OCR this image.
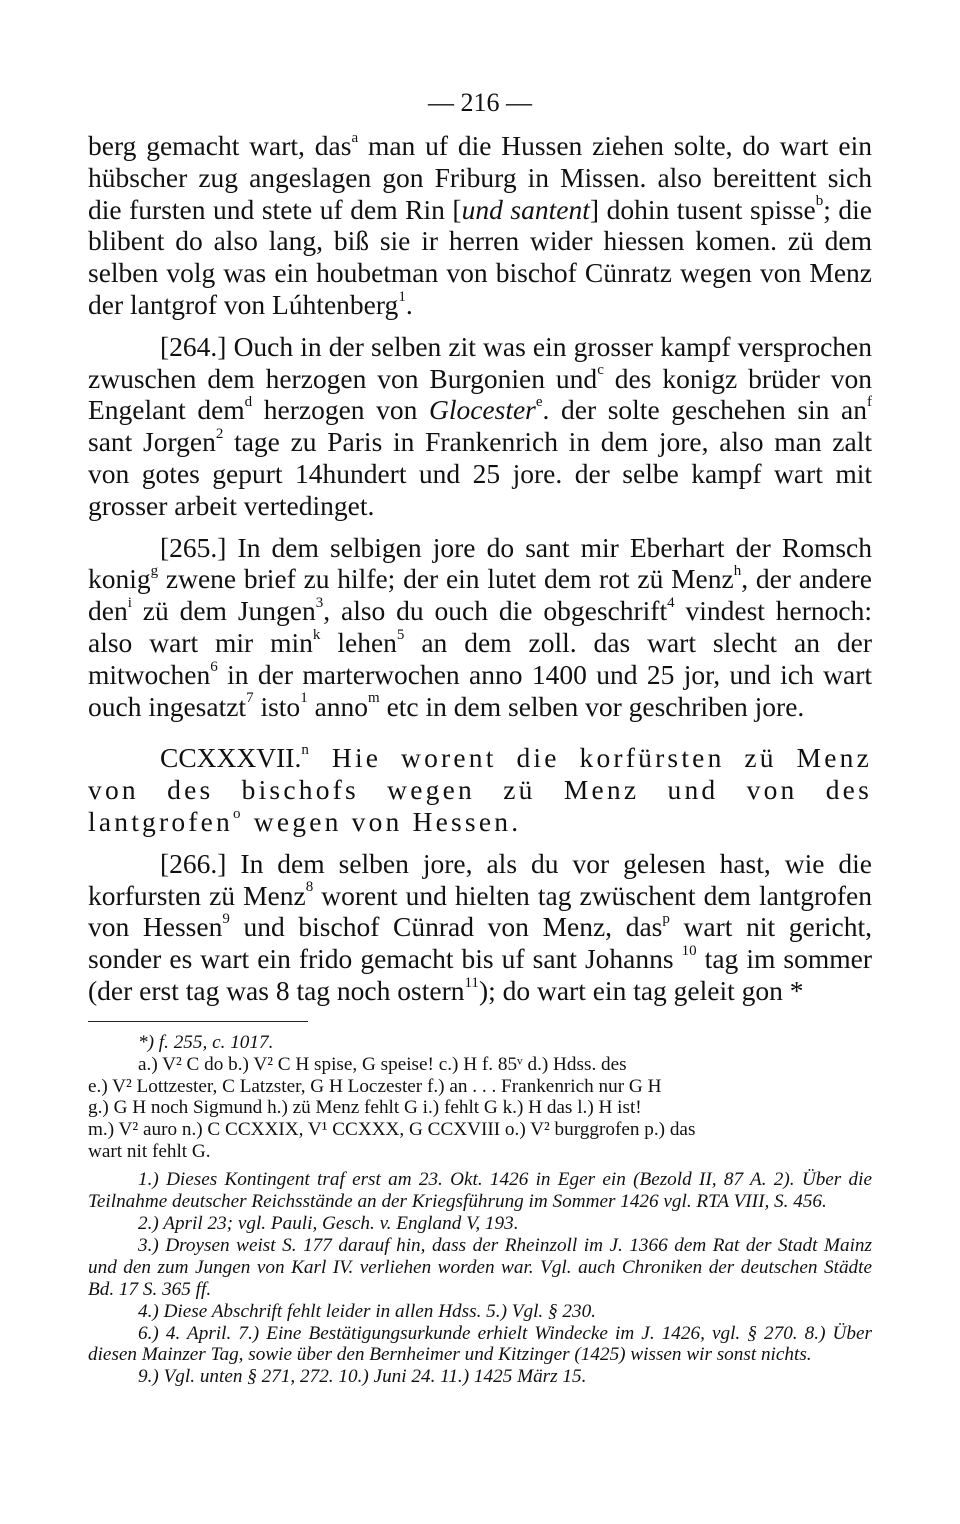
— 216 —

berg gemacht wart, das$^a$ man uf die Hussen ziehen solte, do wart ein hübscher zug angeslagen gon Friburg in Missen. also bereittent sich die fursten und stete uf dem Rin [und santent] dohin tusent spisse$^b$; die blibent do also lang, biß sie ir herren wider hiessen komen. zü dem selben volg was ein houbetman von bischof Cünratz wegen von Menz der lantgrof von Lúhtenberg$^1$.

[264.] Ouch in der selben zit was ein grosser kampf versprochen zwuschen dem herzogen von Burgonien und$^c$ des konigz brüder von Engelant dem$^d$ herzogen von Glocester$^e$. der solte geschehen $\sin an^f$ sant Jorgen$^2$ tage zu Paris in Frankenrich in dem jore, also man zalt von gotes gepurt 14hundert und 25 jore. der selbe kampf wart mit grosser arbeit vertedinget.

[265.] In dem selbigen jore do sant mir Eberhart der Romsch konig$^g$ zwene brief zu hilfe; der ein lutet dem rot zü Menz$^h$, der andere den$^i$ zü dem Jungen$^3$, also du ouch die obgeschrift$^4$ vindest hernoch: also wart mir $\min^k$ lehen$^5$ an dem zoll. das wart slecht an der mitwochen$^6$ in der marterwochen anno 1400 und 25 jor, und ich wart ouch ingesatzt$^7$ isto$^1$ anno$^m$ etc in dem selben vor geschriben jore.

CCXXXVII.$^n$ Hie worent die korfürsten zü Menz von des bischofs wegen zü Menz und von des lantgrofen$^o$ wegen von Hessen.

[266.] In dem selben jore, als du vor gelesen hast, wie die korfursten zü Menz$^8$ worent und hielten tag zwüschent dem lantgrofen von Hessen$^9$ und bischof Cünrad von Menz, das$^p$ wart nit gericht, sonder es wart ein frido gemacht bis uf sant Johanns $^{10}$ tag im sommer (der erst tag was 8 tag noch ostern$^{11}$); do wart ein tag geleit gon *

*) f. 255, c. 1017.

a.) V² C do b.) V² C H spise, G speise! c.) H f. 85ᵛ d.) Hdss. des

e.) V² Lottzester, C Latzster, G H Loczester f.) an . . . Frankenrich nur G H

g.) G H noch Sigmund h.) zü Menz fehlt G i.) fehlt G k.) H das l.) H ist!

m.) V² auro n.) C CCXXIX, V¹ CCXXX, G CCXVIII o.) V² burggrofen p.) das

wart nit fehlt G.

1.) Dieses Kontingent traf erst am 23. Okt. 1426 in Eger ein (Bezold II, 87 A. 2). Über die Teilnahme deutscher Reichsstände an der Kriegsführung im Sommer 1426 vgl. RTA VIII, S. 456.

2.) April 23; vgl. Pauli, Gesch. v. England V, 193.

3.) Droysen weist S. 177 darauf hin, dass der Rheinzoll im J. 1366 dem Rat der Stadt Mainz und den zum Jungen von Karl IV. verliehen worden war. Vgl. auch Chroniken der deutschen Städte Bd. 17 S. 365 ff.

4.) Diese Abschrift fehlt leider in allen Hdss. 5.) Vgl. § 230.

6.) 4. April. 7.) Eine Bestätigungsurkunde erhielt Windecke im J. 1426, vgl. § 270. 8.) Über diesen Mainzer Tag, sowie über den Bernheimer und Kitzinger (1425) wissen wir sonst nichts.

9.) Vgl. unten § 271, 272. 10.) Juni 24. 11.) 1425 März 15.
